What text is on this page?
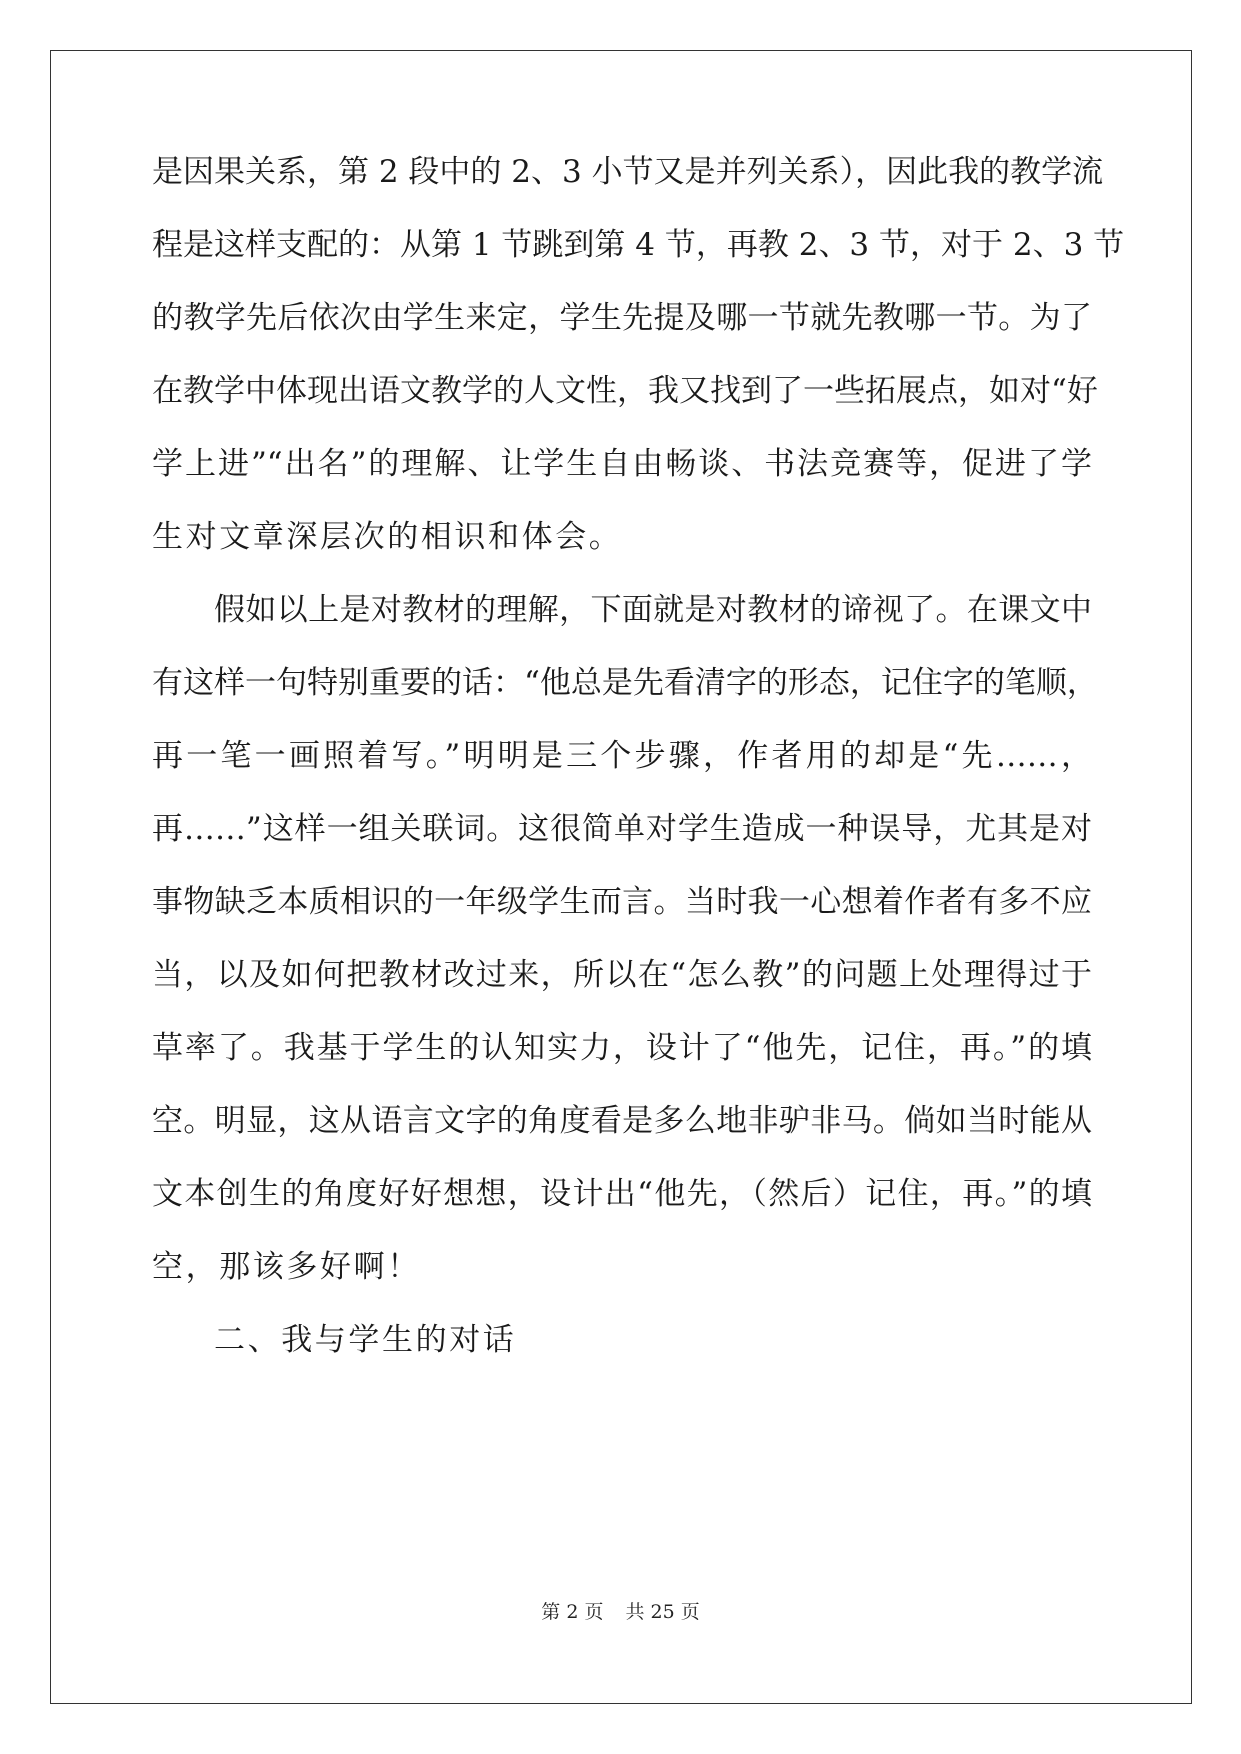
是因果关系，第 2 段中的 2、3 小节又是并列关系），因此我的教学流
程是这样支配的：从第 1 节跳到第 4 节，再教 2、3 节，对于 2、3 节
的教学先后依次由学生来定，学生先提及哪一节就先教哪一节。为了
在教学中体现出语文教学的人文性，我又找到了一些拓展点，如对“好
学上进”“出名”的理解、让学生自由畅谈、书法竞赛等，促进了学
生对文章深层次的相识和体会。
假如以上是对教材的理解，下面就是对教材的谛视了。在课文中
有这样一句特别重要的话：“他总是先看清字的形态，记住字的笔顺，
再一笔一画照着写。”明明是三个步骤，作者用的却是“先……，
再……”这样一组关联词。这很简单对学生造成一种误导，尤其是对
事物缺乏本质相识的一年级学生而言。当时我一心想着作者有多不应
当，以及如何把教材改过来，所以在“怎么教”的问题上处理得过于
草率了。我基于学生的认知实力，设计了“他先，记住，再。”的填
空。明显，这从语言文字的角度看是多么地非驴非马。倘如当时能从
文本创生的角度好好想想，设计出“他先，（然后）记住，再。”的填
空，那该多好啊！
二、我与学生的对话
第 2 页 共 25 页
